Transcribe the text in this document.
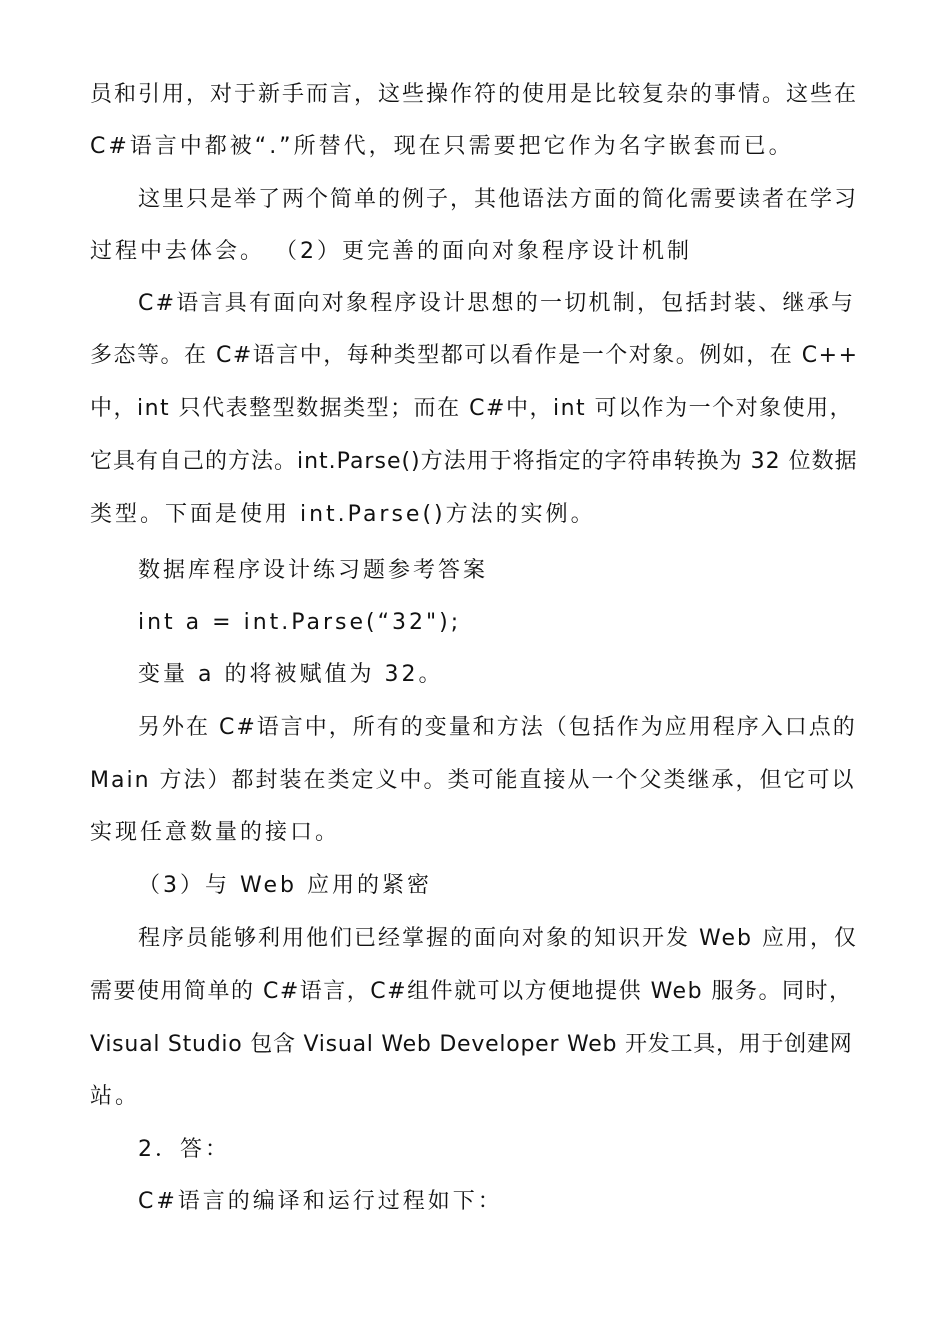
员和引用，对于新手而言，这些操作符的使用是比较复杂的事情。这些在
C#语言中都被“.”所替代，现在只需要把它作为名字嵌套而已。
这里只是举了两个简单的例子，其他语法方面的简化需要读者在学习
过程中去体会。 （2）更完善的面向对象程序设计机制
C#语言具有面向对象程序设计思想的一切机制，包括封装、继承与
多态等。在 C#语言中，每种类型都可以看作是一个对象。例如，在 C++
中，int 只代表整型数据类型；而在 C#中，int 可以作为一个对象使用，
它具有自己的方法。int.Parse()方法用于将指定的字符串转换为 32 位数据
类型。下面是使用 int.Parse()方法的实例。
数据库程序设计练习题参考答案
int a = int.Parse(“32");
变量 a 的将被赋值为 32。
另外在 C#语言中，所有的变量和方法（包括作为应用程序入口点的
Main 方法）都封装在类定义中。类可能直接从一个父类继承，但它可以
实现任意数量的接口。
（3）与 Web 应用的紧密
程序员能够利用他们已经掌握的面向对象的知识开发 Web 应用，仅
需要使用简单的 C#语言，C#组件就可以方便地提供 Web 服务。同时，
Visual Studio 包含 Visual Web Developer Web 开发工具，用于创建网
站。
2．答：
C#语言的编译和运行过程如下：
